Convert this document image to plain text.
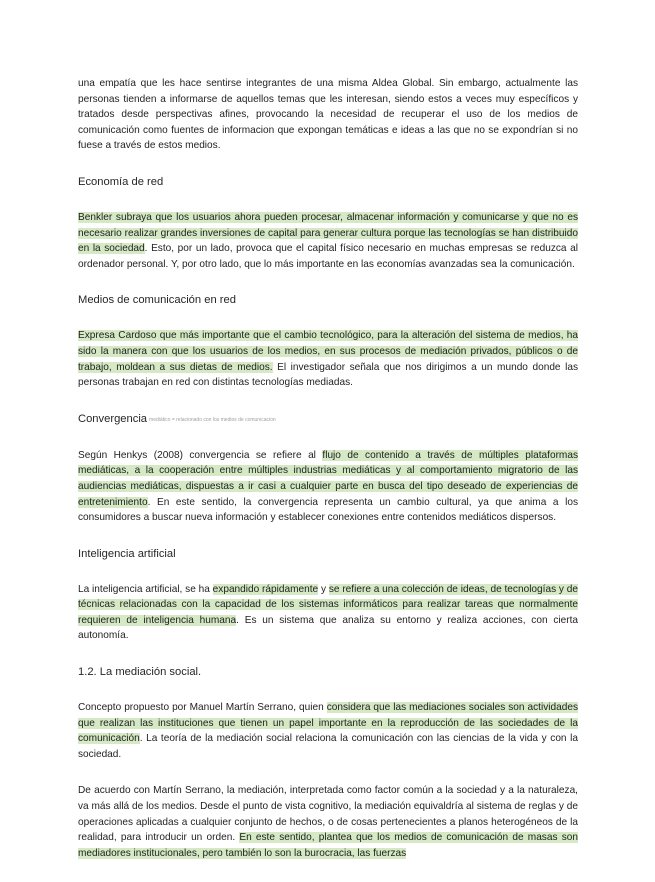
una empatía que les hace sentirse integrantes de una misma Aldea Global. Sin embargo, actualmente las personas tienden a informarse de aquellos temas que les interesan, siendo estos a veces muy específicos y tratados desde perspectivas afines, provocando la necesidad de recuperar el uso de los medios de comunicación como fuentes de informacion que expongan temáticas e ideas a las que no se expondrían si no fuese a través de estos medios.

Economía de red

Benkler subraya que los usuarios ahora pueden procesar, almacenar información y comunicarse y que no es necesario realizar grandes inversiones de capital para generar cultura porque las tecnologías se han distribuido en la sociedad. Esto, por un lado, provoca que el capital físico necesario en muchas empresas se reduzca al ordenador personal. Y, por otro lado, que lo más importante en las economías avanzadas sea la comunicación.

Medios de comunicación en red

Expresa Cardoso que más importante que el cambio tecnológico, para la alteración del sistema de medios, ha sido la manera con que los usuarios de los medios, en sus procesos de mediación privados, públicos o de trabajo, moldean a sus dietas de medios. El investigador señala que nos dirigimos a un mundo donde las personas trabajan en red con distintas tecnologías mediadas.

Convergencia mediático = relacionado con los medios de comunicacion

Según Henkys (2008) convergencia se refiere al flujo de contenido a través de múltiples plataformas mediáticas, a la cooperación entre múltiples industrias mediáticas y al comportamiento migratorio de las audiencias mediáticas, dispuestas a ir casi a cualquier parte en busca del tipo deseado de experiencias de entretenimiento. En este sentido, la convergencia representa un cambio cultural, ya que anima a los consumidores a buscar nueva información y establecer conexiones entre contenidos mediáticos dispersos.

Inteligencia artificial

La inteligencia artificial, se ha expandido rápidamente y se refiere a una colección de ideas, de tecnologías y de técnicas relacionadas con la capacidad de los sistemas informáticos para realizar tareas que normalmente requieren de inteligencia humana. Es un sistema que analiza su entorno y realiza acciones, con cierta autonomía.

1.2. La mediación social.

Concepto propuesto por Manuel Martín Serrano, quien considera que las mediaciones sociales son actividades que realizan las instituciones que tienen un papel importante en la reproducción de las sociedades de la comunicación. La teoría de la mediación social relaciona la comunicación con las ciencias de la vida y con la sociedad.

De acuerdo con Martín Serrano, la mediación, interpretada como factor común a la sociedad y a la naturaleza, va más allá de los medios. Desde el punto de vista cognitivo, la mediación equivaldría al sistema de reglas y de operaciones aplicadas a cualquier conjunto de hechos, o de cosas pertenecientes a planos heterogéneos de la realidad, para introducir un orden. En este sentido, plantea que los medios de comunicación de masas son mediadores institucionales, pero también lo son la burocracia, las fuerzas
